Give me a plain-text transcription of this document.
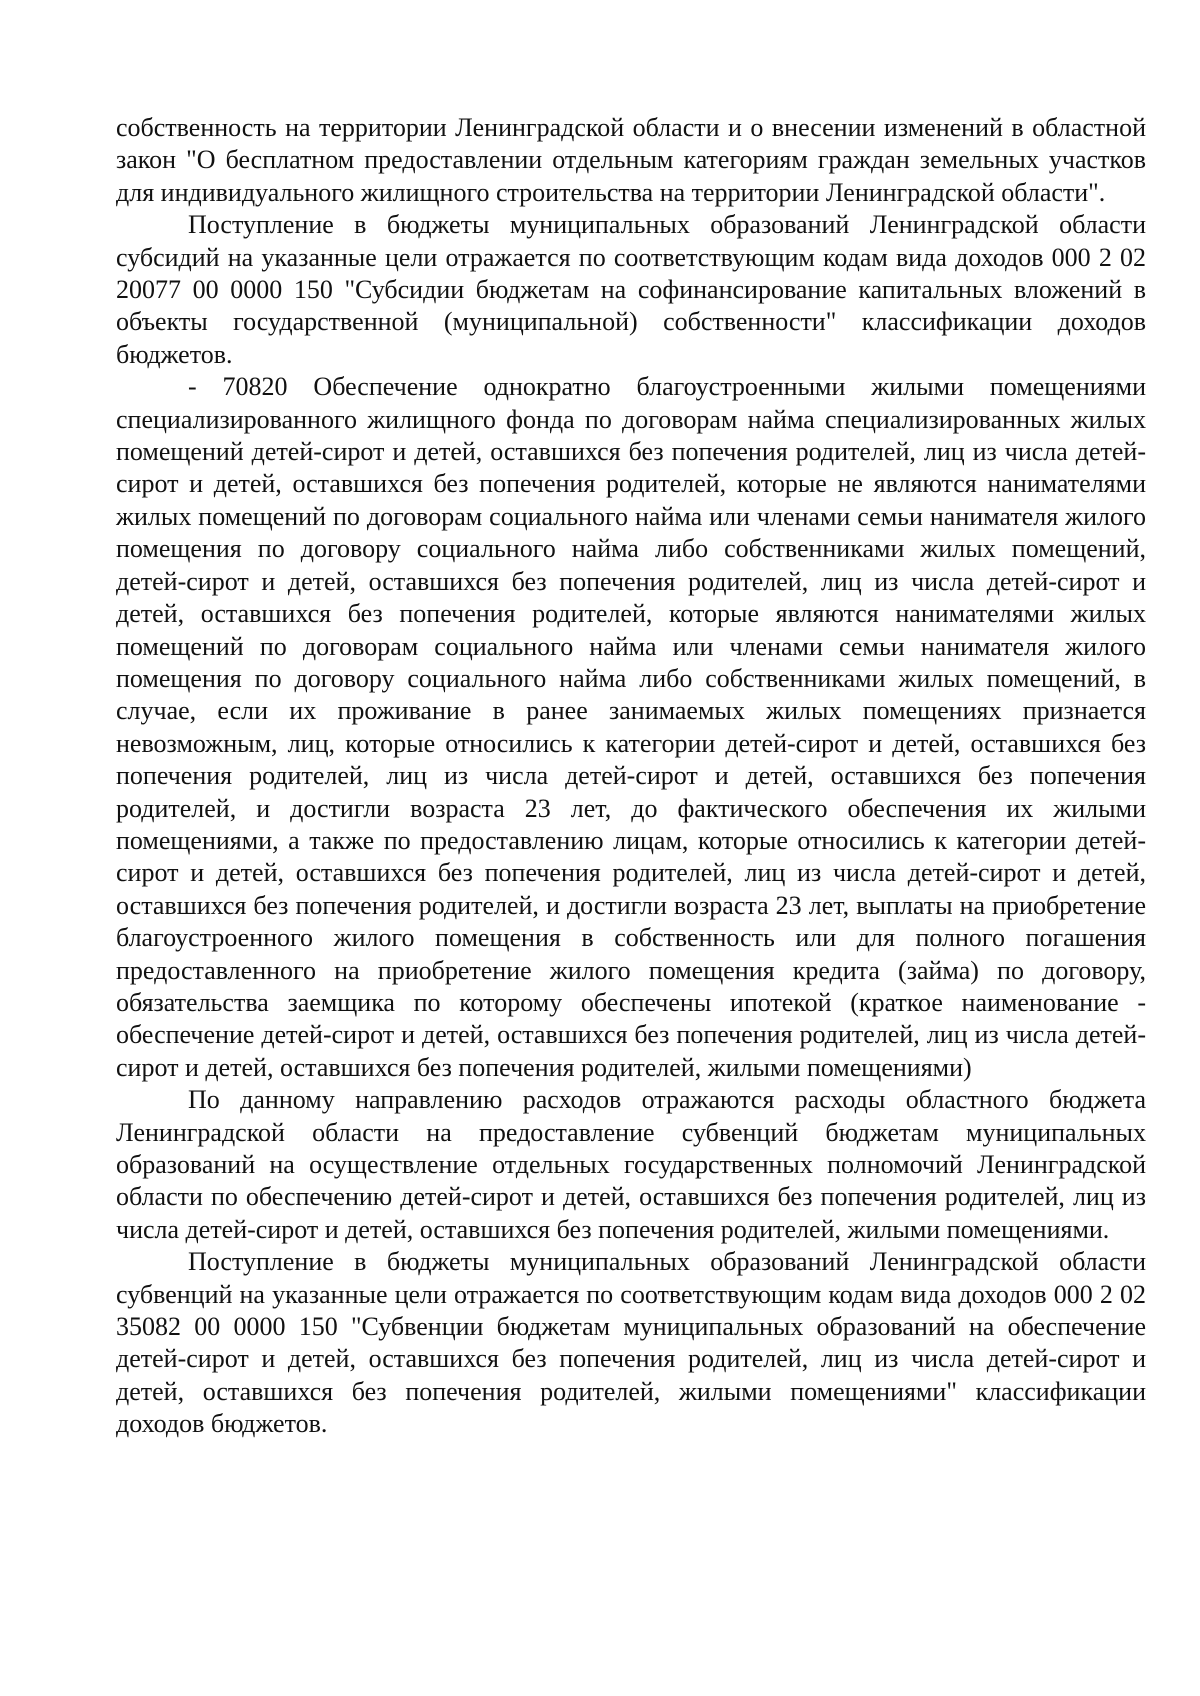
собственность на территории Ленинградской области и о внесении изменений в областной закон "О бесплатном предоставлении отдельным категориям граждан земельных участков для индивидуального жилищного строительства на территории Ленинградской области".

Поступление в бюджеты муниципальных образований Ленинградской области субсидий на указанные цели отражается по соответствующим кодам вида доходов 000 2 02 20077 00 0000 150 "Субсидии бюджетам на софинансирование капитальных вложений в объекты государственной (муниципальной) собственности" классификации доходов бюджетов.

- 70820 Обеспечение однократно благоустроенными жилыми помещениями специализированного жилищного фонда по договорам найма специализированных жилых помещений детей-сирот и детей, оставшихся без попечения родителей, лиц из числа детей-сирот и детей, оставшихся без попечения родителей, которые не являются нанимателями жилых помещений по договорам социального найма или членами семьи нанимателя жилого помещения по договору социального найма либо собственниками жилых помещений, детей-сирот и детей, оставшихся без попечения родителей, лиц из числа детей-сирот и детей, оставшихся без попечения родителей, которые являются нанимателями жилых помещений по договорам социального найма или членами семьи нанимателя жилого помещения по договору социального найма либо собственниками жилых помещений, в случае, если их проживание в ранее занимаемых жилых помещениях признается невозможным, лиц, которые относились к категории детей-сирот и детей, оставшихся без попечения родителей, лиц из числа детей-сирот и детей, оставшихся без попечения родителей, и достигли возраста 23 лет, до фактического обеспечения их жилыми помещениями, а также по предоставлению лицам, которые относились к категории детей-сирот и детей, оставшихся без попечения родителей, лиц из числа детей-сирот и детей, оставшихся без попечения родителей, и достигли возраста 23 лет, выплаты на приобретение благоустроенного жилого помещения в собственность или для полного погашения предоставленного на приобретение жилого помещения кредита (займа) по договору, обязательства заемщика по которому обеспечены ипотекой (краткое наименование - обеспечение детей-сирот и детей, оставшихся без попечения родителей, лиц из числа детей-сирот и детей, оставшихся без попечения родителей, жилыми помещениями)

По данному направлению расходов отражаются расходы областного бюджета Ленинградской области на предоставление субвенций бюджетам муниципальных образований на осуществление отдельных государственных полномочий Ленинградской области по обеспечению детей-сирот и детей, оставшихся без попечения родителей, лиц из числа детей-сирот и детей, оставшихся без попечения родителей, жилыми помещениями.

Поступление в бюджеты муниципальных образований Ленинградской области субвенций на указанные цели отражается по соответствующим кодам вида доходов 000 2 02 35082 00 0000 150 "Субвенции бюджетам муниципальных образований на обеспечение детей-сирот и детей, оставшихся без попечения родителей, лиц из числа детей-сирот и детей, оставшихся без попечения родителей, жилыми помещениями" классификации доходов бюджетов.
